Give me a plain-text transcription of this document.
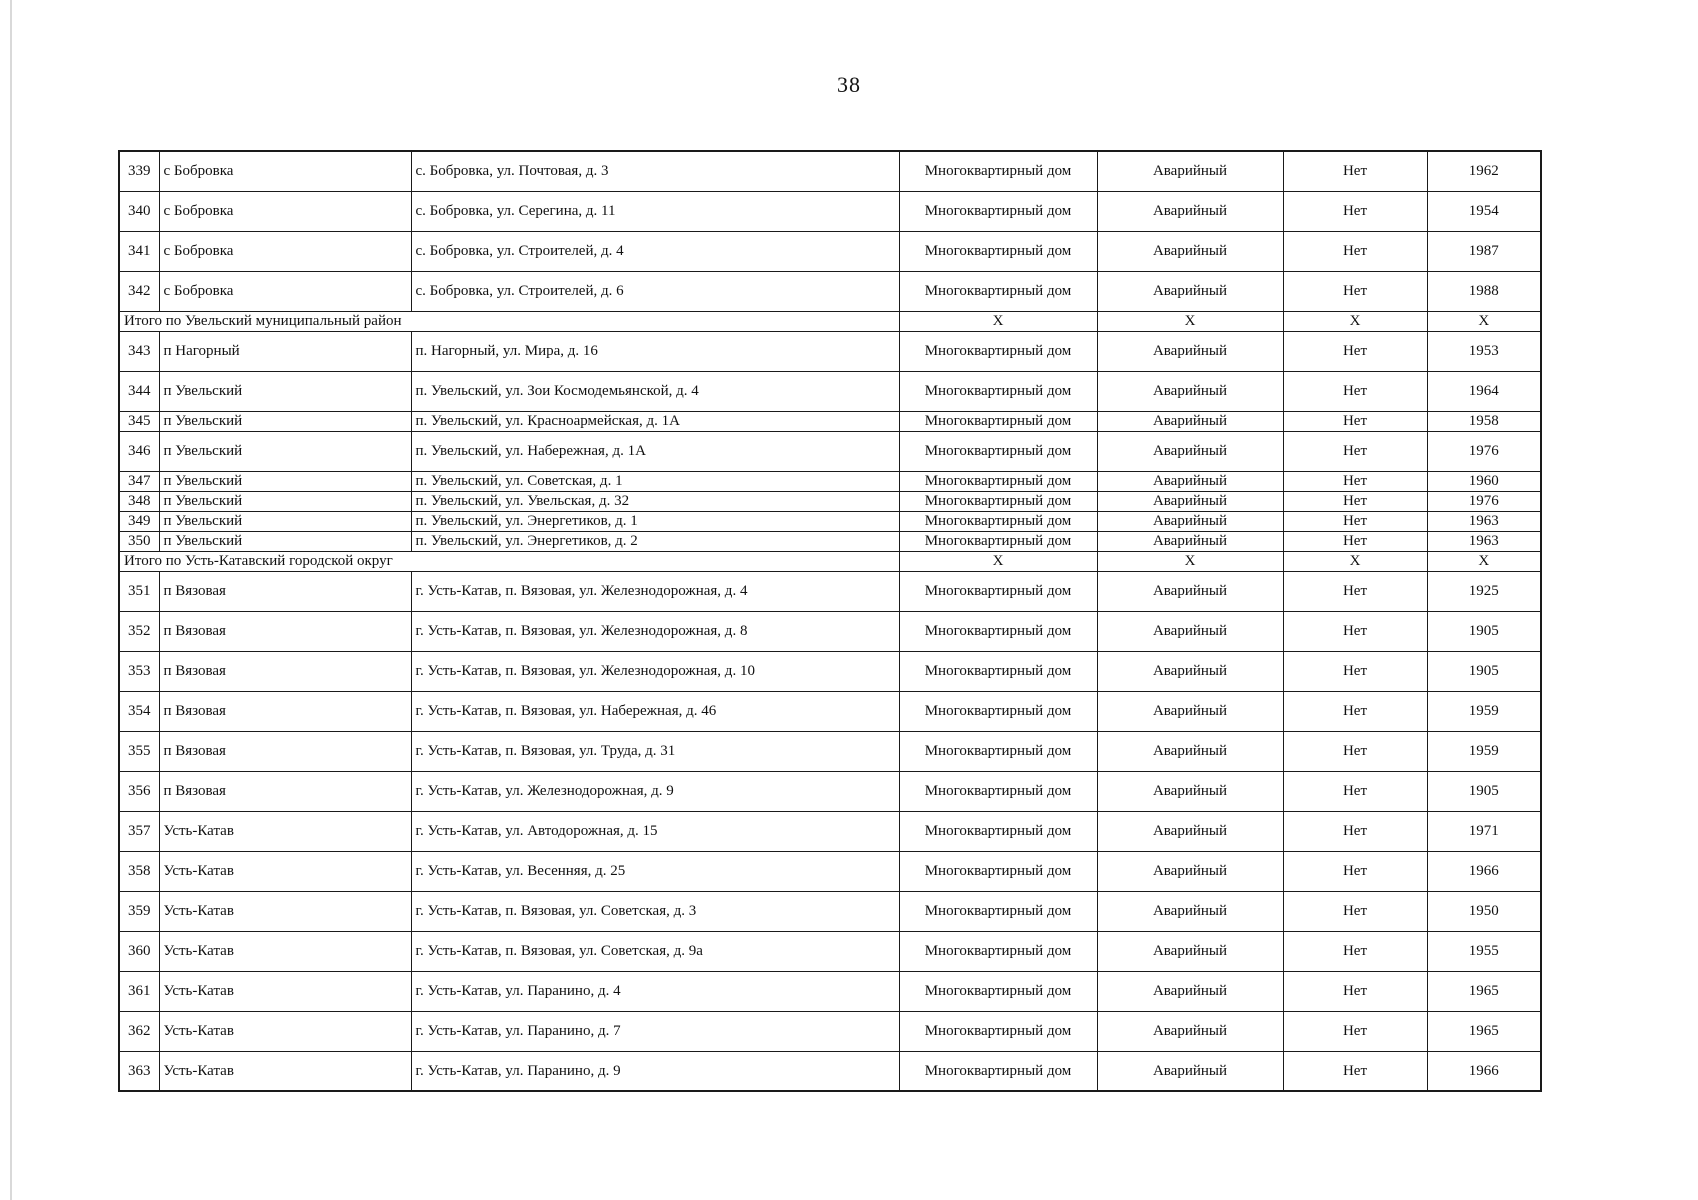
38
339	с Бобровка	с. Бобровка, ул. Почтовая, д. 3	Многоквартирный дом	Аварийный	Нет	1962
340	с Бобровка	с. Бобровка, ул. Серегина, д. 11	Многоквартирный дом	Аварийный	Нет	1954
341	с Бобровка	с. Бобровка, ул. Строителей, д. 4	Многоквартирный дом	Аварийный	Нет	1987
342	с Бобровка	с. Бобровка, ул. Строителей, д. 6	Многоквартирный дом	Аварийный	Нет	1988
Итого по Увельский муниципальный район			X	X	X	X
343	п Нагорный	п. Нагорный, ул. Мира, д. 16	Многоквартирный дом	Аварийный	Нет	1953
344	п Увельский	п. Увельский, ул. Зои Космодемьянской, д. 4	Многоквартирный дом	Аварийный	Нет	1964
345	п Увельский	п. Увельский, ул. Красноармейская, д. 1А	Многоквартирный дом	Аварийный	Нет	1958
346	п Увельский	п. Увельский, ул. Набережная, д. 1А	Многоквартирный дом	Аварийный	Нет	1976
347	п Увельский	п. Увельский, ул. Советская, д. 1	Многоквартирный дом	Аварийный	Нет	1960
348	п Увельский	п. Увельский, ул. Увельская, д. 32	Многоквартирный дом	Аварийный	Нет	1976
349	п Увельский	п. Увельский, ул. Энергетиков, д. 1	Многоквартирный дом	Аварийный	Нет	1963
350	п Увельский	п. Увельский, ул. Энергетиков, д. 2	Многоквартирный дом	Аварийный	Нет	1963
Итого по Усть-Катавский городской округ			X	X	X	X
351	п Вязовая	г. Усть-Катав, п. Вязовая, ул. Железнодорожная, д. 4	Многоквартирный дом	Аварийный	Нет	1925
352	п Вязовая	г. Усть-Катав, п. Вязовая, ул. Железнодорожная, д. 8	Многоквартирный дом	Аварийный	Нет	1905
353	п Вязовая	г. Усть-Катав, п. Вязовая, ул. Железнодорожная, д. 10	Многоквартирный дом	Аварийный	Нет	1905
354	п Вязовая	г. Усть-Катав, п. Вязовая, ул. Набережная, д. 46	Многоквартирный дом	Аварийный	Нет	1959
355	п Вязовая	г. Усть-Катав, п. Вязовая, ул. Труда, д. 31	Многоквартирный дом	Аварийный	Нет	1959
356	п Вязовая	г. Усть-Катав, ул. Железнодорожная, д. 9	Многоквартирный дом	Аварийный	Нет	1905
357	Усть-Катав	г. Усть-Катав, ул. Автодорожная, д. 15	Многоквартирный дом	Аварийный	Нет	1971
358	Усть-Катав	г. Усть-Катав, ул. Весенняя, д. 25	Многоквартирный дом	Аварийный	Нет	1966
359	Усть-Катав	г. Усть-Катав, п. Вязовая, ул. Советская, д. 3	Многоквартирный дом	Аварийный	Нет	1950
360	Усть-Катав	г. Усть-Катав, п. Вязовая, ул. Советская, д. 9а	Многоквартирный дом	Аварийный	Нет	1955
361	Усть-Катав	г. Усть-Катав, ул. Паранино, д. 4	Многоквартирный дом	Аварийный	Нет	1965
362	Усть-Катав	г. Усть-Катав, ул. Паранино, д. 7	Многоквартирный дом	Аварийный	Нет	1965
363	Усть-Катав	г. Усть-Катав, ул. Паранино, д. 9	Многоквартирный дом	Аварийный	Нет	1966
